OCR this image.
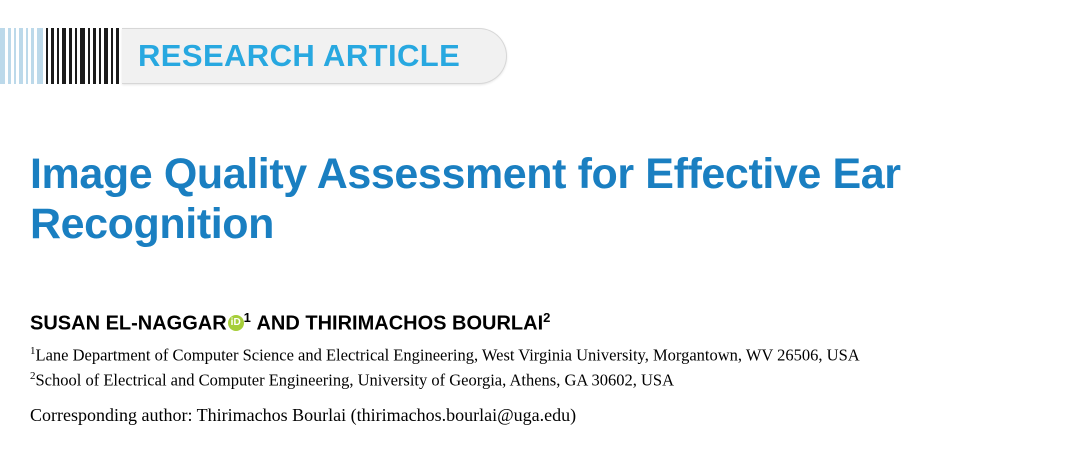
RESEARCH ARTICLE
Image Quality Assessment for Effective Ear Recognition
SUSAN EL-NAGGAR iD $^1$ AND THIRIMACHOS BOURLAI$^2$
$^1$Lane Department of Computer Science and Electrical Engineering, West Virginia University, Morgantown, WV 26506, USA
$^2$School of Electrical and Computer Engineering, University of Georgia, Athens, GA 30602, USA
Corresponding author: Thirimachos Bourlai (thirimachos.bourlai@uga.edu)
